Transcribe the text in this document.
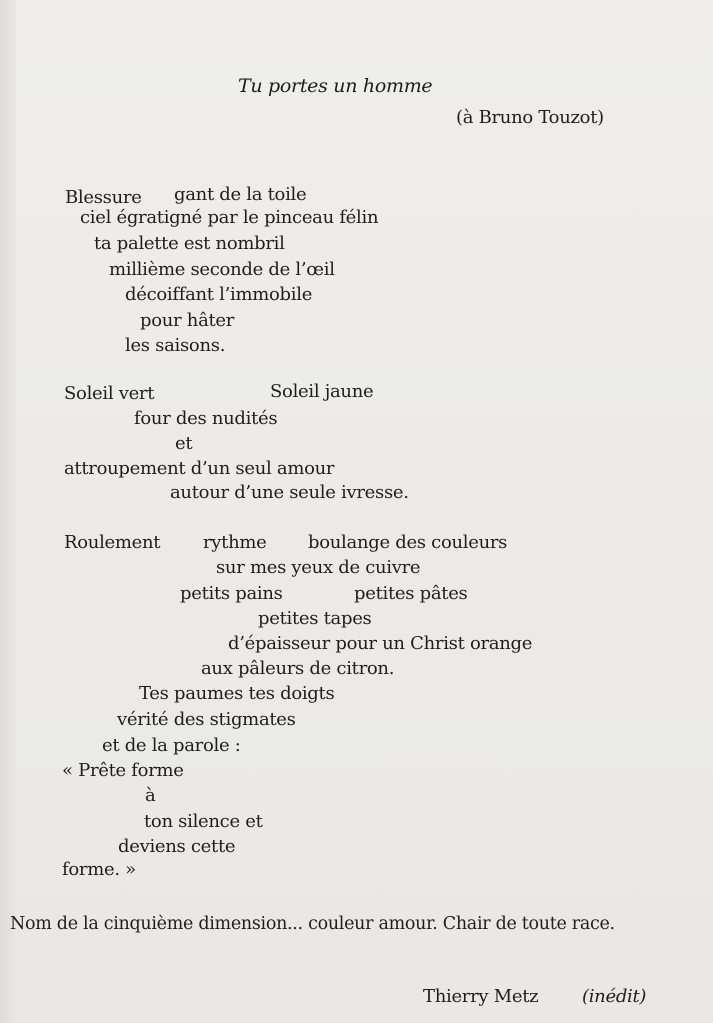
Tu portes un homme
(à Bruno Touzot)
Blessure gant de la toile
ciel égratigné par le pinceau félin
ta palette est nombril
millième seconde de l’œil
décoiffant l’immobile
pour hâter
les saisons.
Soleil vert	Soleil jaune
four des nudités
et
attroupement d’un seul amour
autour d’une seule ivresse.
Roulement rythme boulange des couleurs
sur mes yeux de cuivre
petits pains	petites pâtes
petites tapes
d’épaisseur pour un Christ orange
aux pâleurs de citron.
Tes paumes tes doigts
vérité des stigmates
et de la parole :
« Prête forme
à
ton silence et
deviens cette
forme. »
Nom de la cinquième dimension... couleur amour. Chair de toute race.
Thierry Metz (inédit)
